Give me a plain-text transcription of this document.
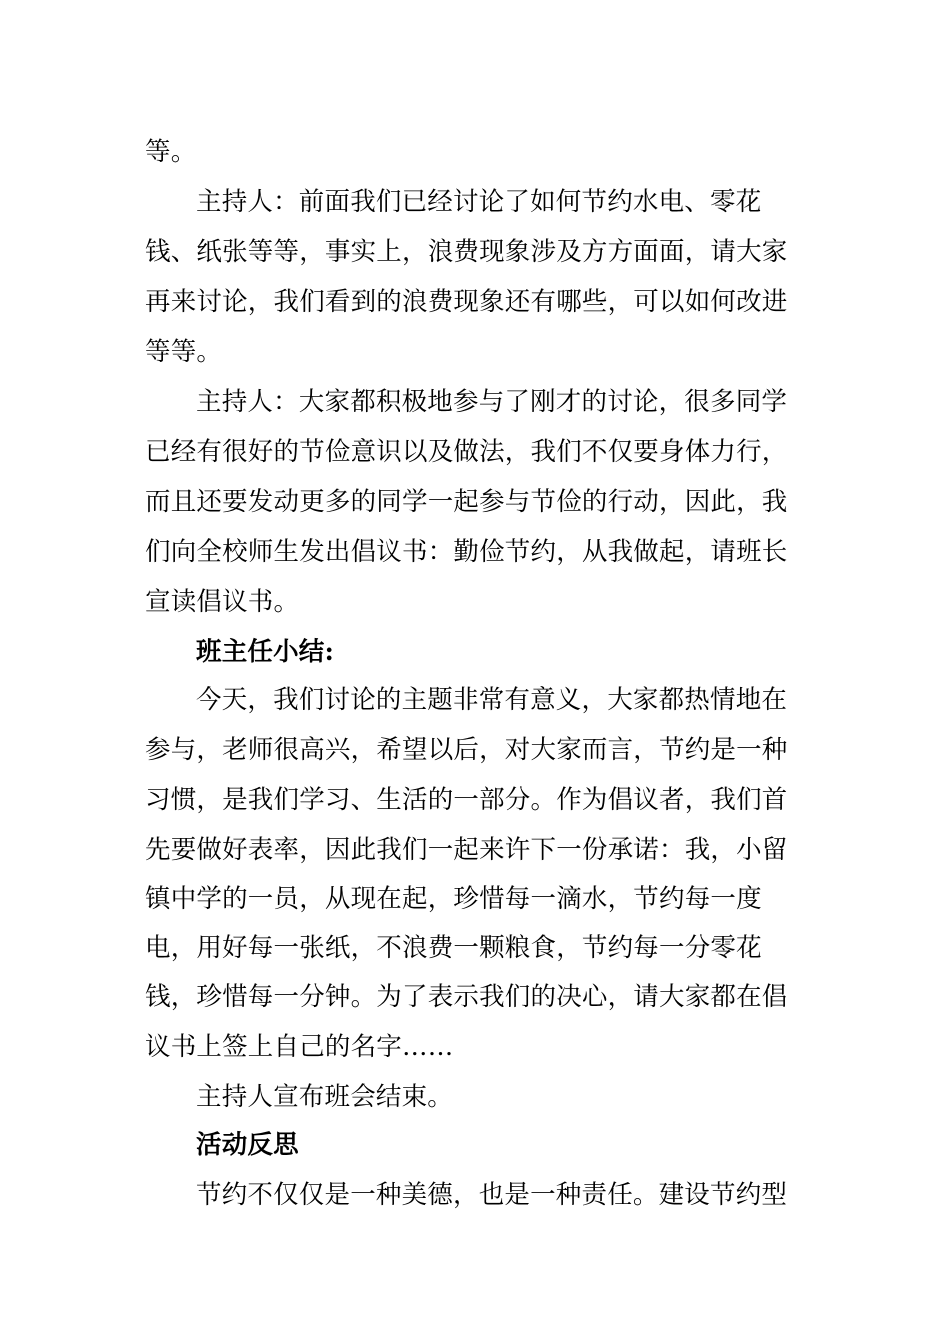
等。
主持人：前面我们已经讨论了如何节约水电、零花
钱、纸张等等，事实上，浪费现象涉及方方面面，请大家
再来讨论，我们看到的浪费现象还有哪些，可以如何改进
等等。
主持人：大家都积极地参与了刚才的讨论，很多同学
已经有很好的节俭意识以及做法，我们不仅要身体力行，
而且还要发动更多的同学一起参与节俭的行动，因此，我
们向全校师生发出倡议书：勤俭节约，从我做起，请班长
宣读倡议书。
班主任小结:
今天，我们讨论的主题非常有意义，大家都热情地在
参与，老师很高兴，希望以后，对大家而言，节约是一种
习惯，是我们学习、生活的一部分。作为倡议者，我们首
先要做好表率，因此我们一起来许下一份承诺：我，小留
镇中学的一员，从现在起，珍惜每一滴水，节约每一度
电，用好每一张纸，不浪费一颗粮食，节约每一分零花
钱，珍惜每一分钟。为了表示我们的决心，请大家都在倡
议书上签上自己的名字……
主持人宣布班会结束。
活动反思
节约不仅仅是一种美德，也是一种责任。建设节约型
